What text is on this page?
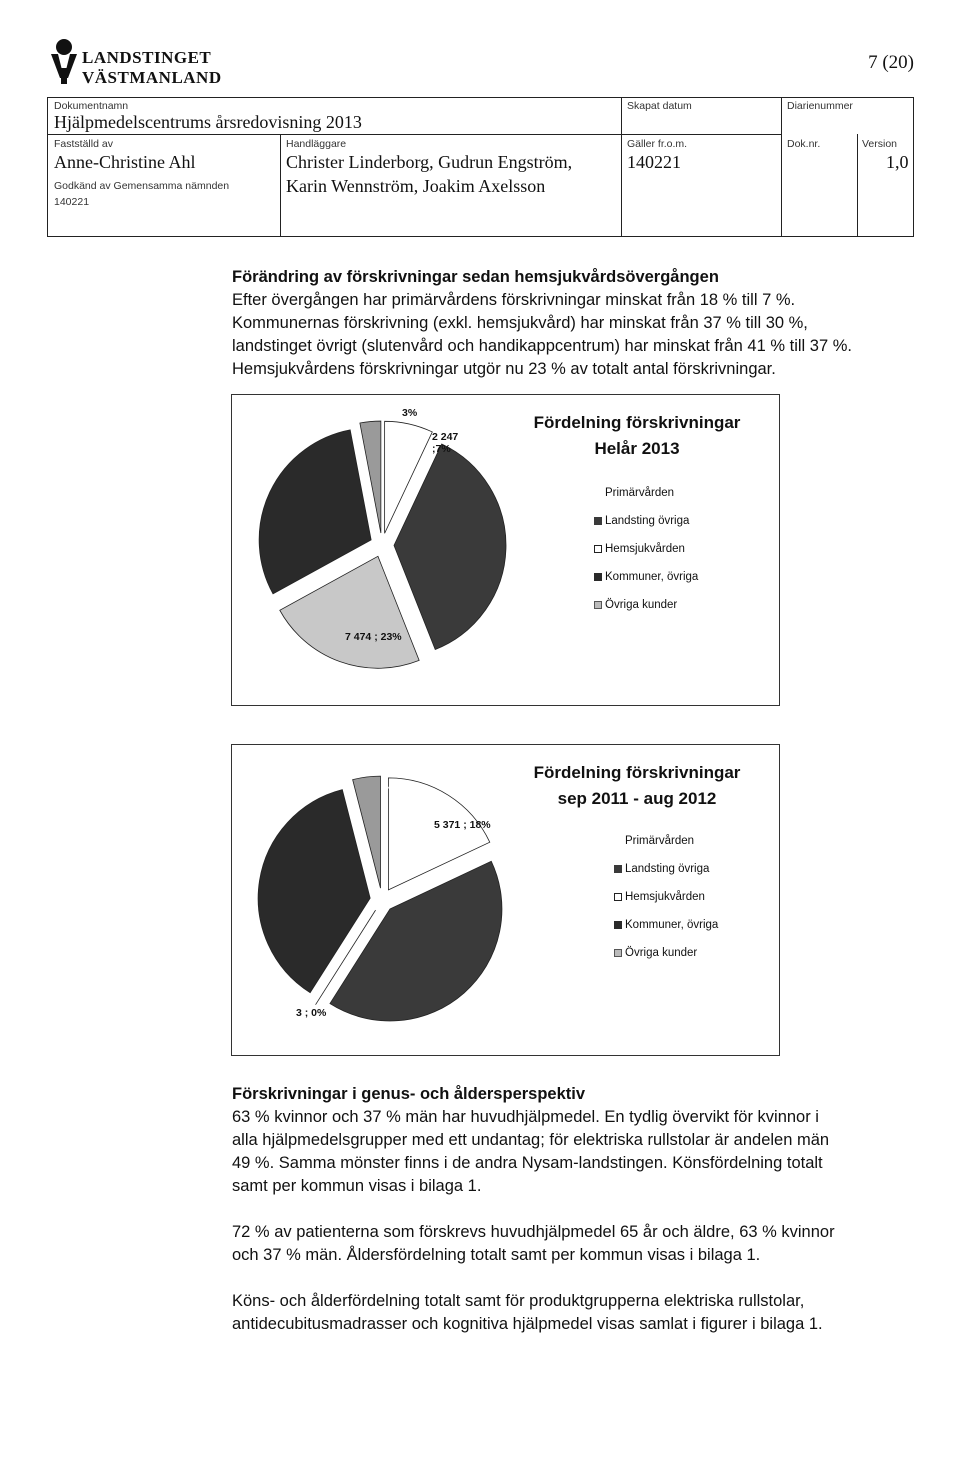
LANDSTINGET
VÄSTMANLAND
7 (20)
Dokumentnamn
Hjälpmedelscentrums årsredovisning 2013
Skapat datum	Diarienummer
Fastställd av
Anne-Christine Ahl
Godkänd av Gemensamma nämnden
140221
Handläggare
Christer Linderborg, Gudrun Engström,
Karin Wennström, Joakim Axelsson
Gäller fr.o.m.
140221
Dok.nr.	Version
1,0

Förändring av förskrivningar sedan hemsjukvårdsövergången

Efter övergången har primärvårdens förskrivningar minskat från 18 % till 7 %.

Kommunernas förskrivning (exkl. hemsjukvård) har minskat från 37 % till 30 %,

landstinget övrigt (slutenvård och handikappcentrum) har minskat från 41 % till 37 %.

Hemsjukvårdens förskrivningar utgör nu 23 % av totalt antal förskrivningar.

Fördelning förskrivningar
Helår 2013
Primärvården
Landsting övriga
Hemsjukvården
Kommuner, övriga
Övriga kunder
2 247
;7%
7 474 ; 23%
3%
Fördelning förskrivningar
sep 2011 - aug 2012
Primärvården
Landsting övriga
Hemsjukvården
Kommuner, övriga
Övriga kunder
5 371 ; 18%
3 ; 0%
4%

Förskrivningar i genus- och åldersperspektiv

63 % kvinnor och 37 % män har huvudhjälpmedel. En tydlig övervikt för kvinnor i

alla hjälpmedelsgrupper med ett undantag; för elektriska rullstolar är andelen män

49 %. Samma mönster finns i de andra Nysam-landstingen. Könsfördelning totalt

samt per kommun visas i bilaga 1.

72 % av patienterna som förskrevs huvudhjälpmedel 65 år och äldre, 63 % kvinnor

och 37 % män. Åldersfördelning totalt samt per kommun visas i bilaga 1.

Köns- och ålderfördelning totalt samt för produktgrupperna elektriska rullstolar,

antidecubitusmadrasser och kognitiva hjälpmedel visas samlat i figurer i bilaga 1.
